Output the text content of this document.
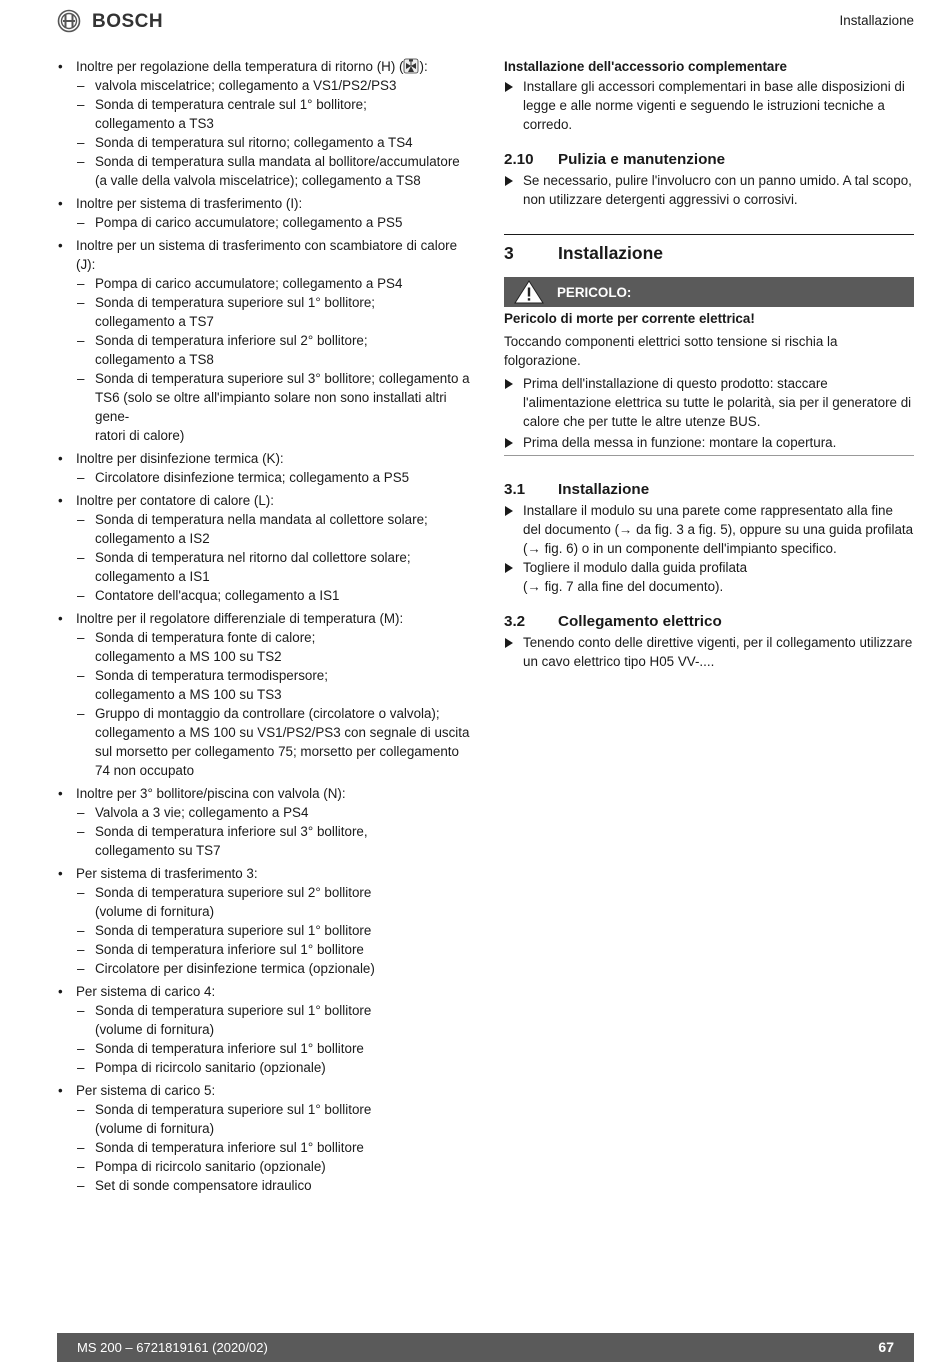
BOSCH	Installazione
• Inoltre per regolazione della temperatura di ritorno (H) ( ):
– valvola miscelatrice; collegamento a VS1/PS2/PS3
– Sonda di temperatura centrale sul 1° bollitore;
collegamento a TS3
– Sonda di temperatura sul ritorno; collegamento a TS4
– Sonda di temperatura sulla mandata al bollitore/accumulatore
(a valle della valvola miscelatrice); collegamento a TS8
• Inoltre per sistema di trasferimento (I):
– Pompa di carico accumulatore; collegamento a PS5
• Inoltre per un sistema di trasferimento con scambiatore di calore (J):
– Pompa di carico accumulatore; collegamento a PS4
– Sonda di temperatura superiore sul 1° bollitore;
collegamento a TS7
– Sonda di temperatura inferiore sul 2° bollitore;
collegamento a TS8
– Sonda di temperatura superiore sul 3° bollitore; collegamento a
TS6 (solo se oltre all'impianto solare non sono installati altri gene-
ratori di calore)
• Inoltre per disinfezione termica (K):
– Circolatore disinfezione termica; collegamento a PS5
• Inoltre per contatore di calore (L):
– Sonda di temperatura nella mandata al collettore solare;
collegamento a IS2
– Sonda di temperatura nel ritorno dal collettore solare;
collegamento a IS1
– Contatore dell'acqua; collegamento a IS1
• Inoltre per il regolatore differenziale di temperatura (M):
– Sonda di temperatura fonte di calore;
collegamento a MS 100 su TS2
– Sonda di temperatura termodispersore;
collegamento a MS 100 su TS3
– Gruppo di montaggio da controllare (circolatore o valvola);
collegamento a MS 100 su VS1/PS2/PS3 con segnale di uscita
sul morsetto per collegamento 75; morsetto per collegamento
74 non occupato
• Inoltre per 3° bollitore/piscina con valvola (N):
– Valvola a 3 vie; collegamento a PS4
– Sonda di temperatura inferiore sul 3° bollitore,
collegamento su TS7
• Per sistema di trasferimento 3:
– Sonda di temperatura superiore sul 2° bollitore
(volume di fornitura)
– Sonda di temperatura superiore sul 1° bollitore
– Sonda di temperatura inferiore sul 1° bollitore
– Circolatore per disinfezione termica (opzionale)
• Per sistema di carico 4:
– Sonda di temperatura superiore sul 1° bollitore
(volume di fornitura)
– Sonda di temperatura inferiore sul 1° bollitore
– Pompa di ricircolo sanitario (opzionale)
• Per sistema di carico 5:
– Sonda di temperatura superiore sul 1° bollitore
(volume di fornitura)
– Sonda di temperatura inferiore sul 1° bollitore
– Pompa di ricircolo sanitario (opzionale)
– Set di sonde compensatore idraulico
Installazione dell'accessorio complementare
Installare gli accessori complementari in base alle disposizioni di legge e alle norme vigenti e seguendo le istruzioni tecniche a corredo.
2.10	Pulizia e manutenzione
Se necessario, pulire l'involucro con un panno umido. A tal scopo, non utilizzare detergenti aggressivi o corrosivi.
3	Installazione
PERICOLO:
Pericolo di morte per corrente elettrica!
Toccando componenti elettrici sotto tensione si rischia la folgorazione.
Prima dell'installazione di questo prodotto: staccare l'alimentazione elettrica su tutte le polarità, sia per il generatore di calore che per tutte le altre utenze BUS.
Prima della messa in funzione: montare la copertura.
3.1	Installazione
Installare il modulo su una parete come rappresentato alla fine del documento (→ da fig. 3 a fig. 5), oppure su una guida profilata (→ fig. 6) o in un componente dell'impianto specifico.
Togliere il modulo dalla guida profilata
(→ fig. 7 alla fine del documento).
3.2	Collegamento elettrico
Tenendo conto delle direttive vigenti, per il collegamento utilizzare un cavo elettrico tipo H05 VV-....
MS 200 – 6721819161 (2020/02)	67
